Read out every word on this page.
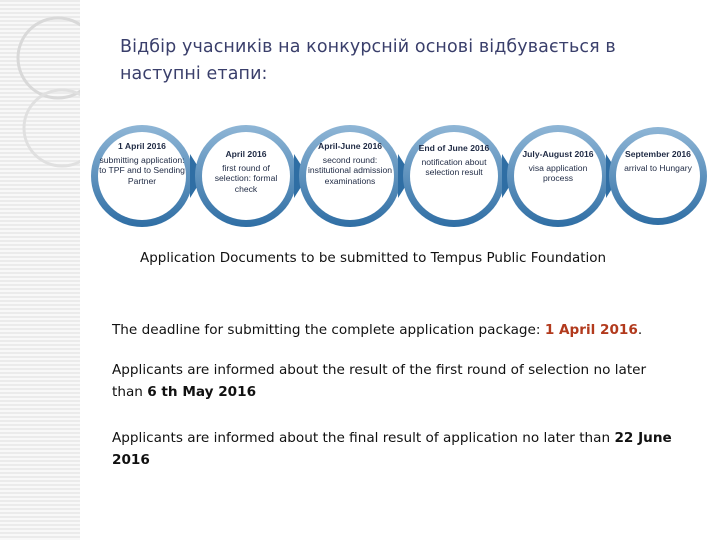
Відбір учасників на конкурсній основі відбувається в наступні етапи:
1 April 2016
submitting application: to TPF and to Sending Partner
April 2016
first round of selection: formal check
April-June 2016
second round: institutional admission examinations
End of June 2016
notification about selection result
July-August 2016
visa application process
September 2016
arrival to Hungary
Application Documents to be submitted to Tempus Public Foundation
The deadline for submitting the complete application package: 1 April 2016.
Applicants are informed about the result of the first round of selection no later than 6 th May 2016
Applicants are informed about the final result of application no later than 22 June 2016
